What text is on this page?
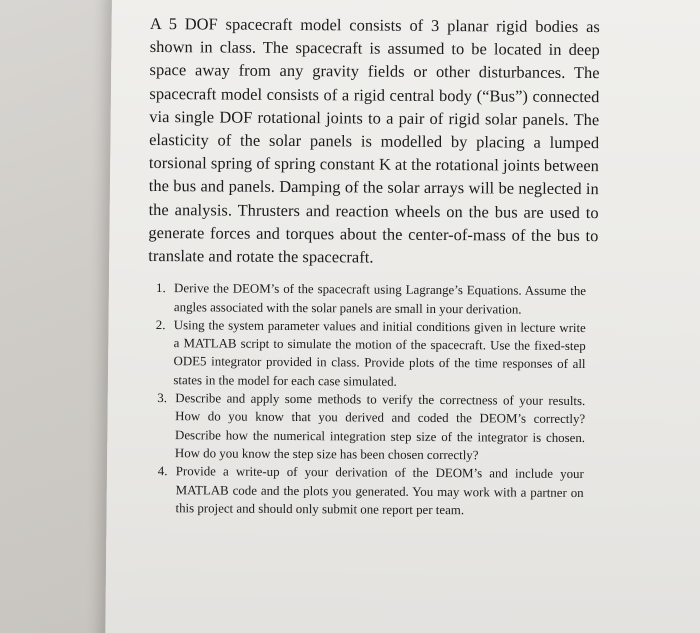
A 5 DOF spacecraft model consists of 3 planar rigid bodies as shown in class. The spacecraft is assumed to be located in deep space away from any gravity fields or other disturbances. The spacecraft model consists of a rigid central body (“Bus”) connected via single DOF rotational joints to a pair of rigid solar panels. The elasticity of the solar panels is modelled by placing a lumped torsional spring of spring constant K at the rotational joints between the bus and panels. Damping of the solar arrays will be neglected in the analysis. Thrusters and reaction wheels on the bus are used to generate forces and torques about the center-of-mass of the bus to translate and rotate the spacecraft.

1. Derive the DEOM’s of the spacecraft using Lagrange’s Equations. Assume the angles associated with the solar panels are small in your derivation.
2. Using the system parameter values and initial conditions given in lecture write a MATLAB script to simulate the motion of the spacecraft. Use the fixed-step ODE5 integrator provided in class. Provide plots of the time responses of all states in the model for each case simulated.
3. Describe and apply some methods to verify the correctness of your results. How do you know that you derived and coded the DEOM’s correctly? Describe how the numerical integration step size of the integrator is chosen. How do you know the step size has been chosen correctly?
4. Provide a write-up of your derivation of the DEOM’s and include your MATLAB code and the plots you generated. You may work with a partner on this project and should only submit one report per team.
